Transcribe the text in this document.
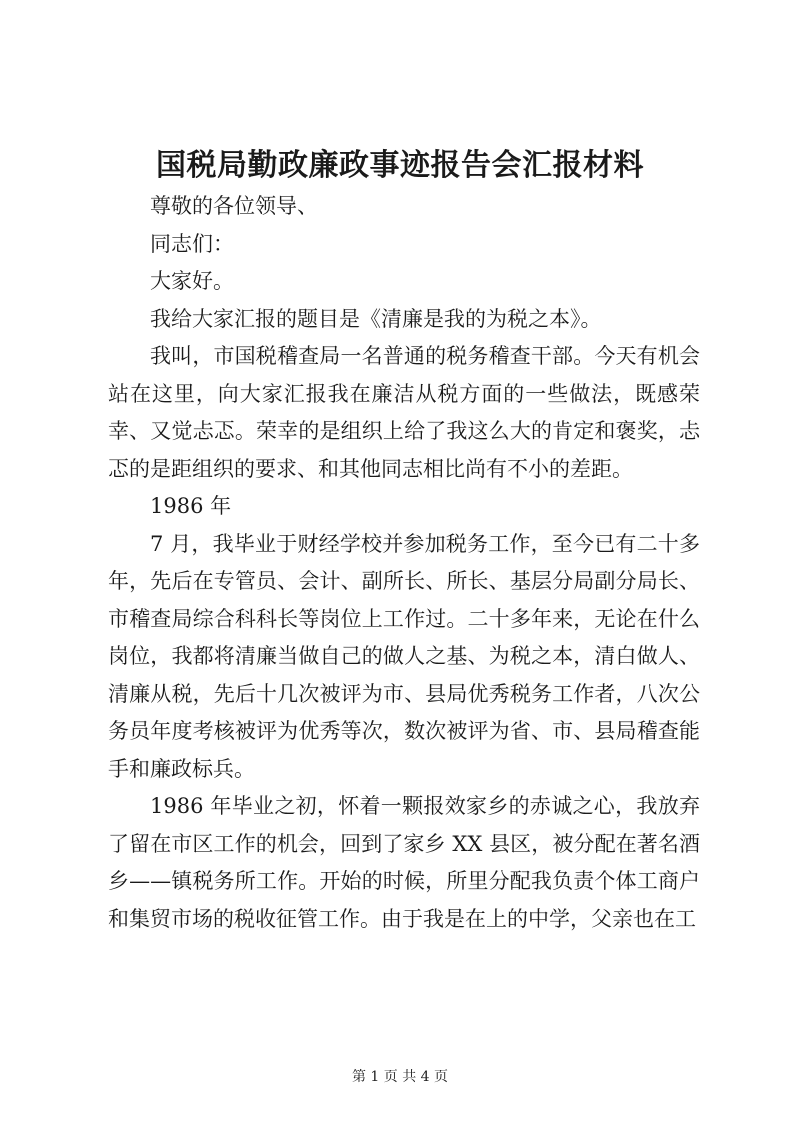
国税局勤政廉政事迹报告会汇报材料

尊敬的各位领导、

同志们：

大家好。

我给大家汇报的题目是《清廉是我的为税之本》。

我叫，市国税稽查局一名普通的税务稽查干部。今天有机会站在这里，向大家汇报我在廉洁从税方面的一些做法，既感荣幸、又觉忐忑。荣幸的是组织上给了我这么大的肯定和褒奖，忐忑的是距组织的要求、和其他同志相比尚有不小的差距。

1986 年

7 月，我毕业于财经学校并参加税务工作，至今已有二十多年，先后在专管员、会计、副所长、所长、基层分局副分局长、市稽查局综合科科长等岗位上工作过。二十多年来，无论在什么岗位，我都将清廉当做自己的做人之基、为税之本，清白做人、清廉从税，先后十几次被评为市、县局优秀税务工作者，八次公务员年度考核被评为优秀等次，数次被评为省、市、县局稽查能手和廉政标兵。

1986 年毕业之初，怀着一颗报效家乡的赤诚之心，我放弃了留在市区工作的机会，回到了家乡 XX 县区，被分配在著名酒乡——镇税务所工作。开始的时候，所里分配我负责个体工商户和集贸市场的税收征管工作。由于我是在上的中学，父亲也在工

第 1 页 共 4 页
